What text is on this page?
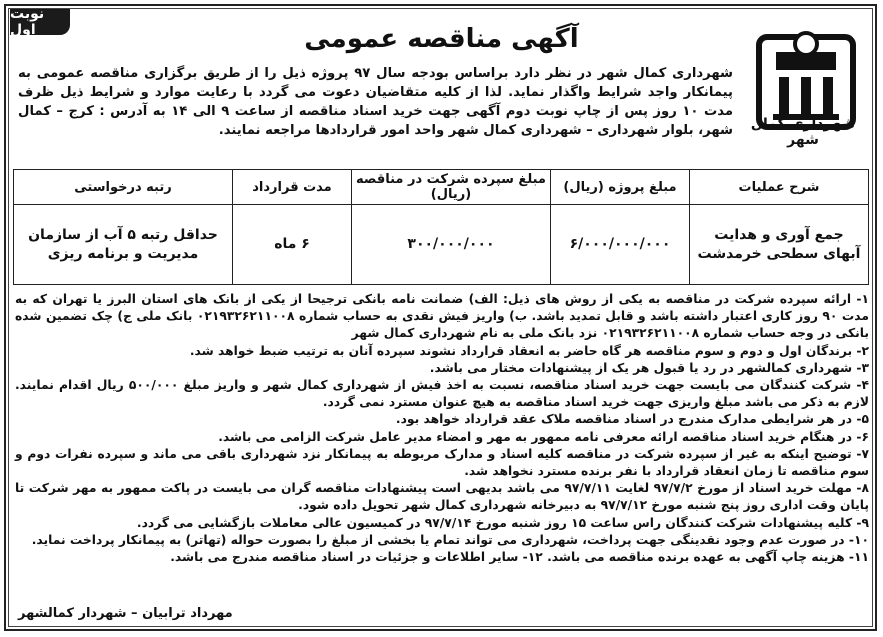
نوبت اول	آگهی مناقصه عمومی
شهرداری کمال شهر
شهرداری کمال شهر در نظر دارد براساس بودجه سال ۹۷ پروژه ذیل را از طریق برگزاری مناقصه عمومی به پیمانکار واجد شرایط واگذار نماید. لذا از کلیه متقاضیان دعوت می گردد با رعایت موارد و شرایط ذیل ظرف مدت ۱۰ روز پس از چاپ نوبت دوم آگهی جهت خرید اسناد مناقصه از ساعت ۹ الی ۱۴ به آدرس : کرج – کمال شهر، بلوار شهرداری – شهرداری کمال شهر واحد امور قراردادها مراجعه نمایند.
شرح عملیات	مبلغ پروژه (ریال)	مبلغ سپرده شرکت در مناقصه (ریال)	مدت قرارداد	رتبه درخواستی
جمع آوری و هدایت آبهای سطحی خرمدشت	۶/۰۰۰/۰۰۰/۰۰۰	۳۰۰/۰۰۰/۰۰۰	۶ ماه	حداقل رتبه ۵ آب از سازمان مدیریت و برنامه ریزی

۱- ارائه سپرده شرکت در مناقصه به یکی از روش های ذیل: الف) ضمانت نامه بانکی ترجیحا از یکی از بانک های استان البرز یا تهران که به مدت ۹۰ روز کاری اعتبار داشته باشد و قابل تمدید باشد. ب) واریز فیش نقدی به حساب شماره ۰۲۱۹۳۲۶۲۱۱۰۰۸ بانک ملی ج) چک تضمین شده بانکی در وجه حساب شماره ۰۲۱۹۳۲۶۲۱۱۰۰۸ نزد بانک ملی به نام شهرداری کمال شهر

۲- برندگان اول و دوم و سوم مناقصه هر گاه حاضر به انعقاد قرارداد نشوند سپرده آنان به ترتیب ضبط خواهد شد.

۳- شهرداری کمالشهر در رد یا قبول هر یک از پیشنهادات مختار می باشد.

۴- شرکت کنندگان می بایست جهت خرید اسناد مناقصه، نسبت به اخذ فیش از شهرداری کمال شهر و واریز مبلغ ۵۰۰/۰۰۰ ریال اقدام نمایند. لازم به ذکر می باشد مبلغ واریزی جهت خرید اسناد مناقصه به هیچ عنوان مسترد نمی گردد.

۵- در هر شرایطی مدارک مندرج در اسناد مناقصه ملاک عقد قرارداد خواهد بود.

۶- در هنگام خرید اسناد مناقصه ارائه معرفی نامه ممهور به مهر و امضاء مدیر عامل شرکت الزامی می باشد.

۷- توضیح اینکه به غیر از سپرده شرکت در مناقصه کلیه اسناد و مدارک مربوطه به پیمانکار نزد شهرداری باقی می ماند و سپرده نفرات دوم و سوم مناقصه تا زمان انعقاد قرارداد با نفر برنده مسترد نخواهد شد.

۸- مهلت خرید اسناد از مورخ ۹۷/۷/۲ لغایت ۹۷/۷/۱۱ می باشد بدیهی است پیشنهادات مناقصه گران می بایست در پاکت ممهور به مهر شرکت تا پایان وقت اداری روز پنج شنبه مورخ ۹۷/۷/۱۲ به دبیرخانه شهرداری کمال شهر تحویل داده شود.

۹- کلیه پیشنهادات شرکت کنندگان راس ساعت ۱۵ روز شنبه مورخ ۹۷/۷/۱۴ در کمیسیون عالی معاملات بازگشایی می گردد.

۱۰- در صورت عدم وجود نقدینگی جهت پرداخت، شهرداری می تواند تمام یا بخشی از مبلغ را بصورت حواله (تهاتر) به پیمانکار پرداخت نماید.

۱۱- هزینه چاپ آگهی به عهده برنده مناقصه می باشد. ۱۲- سایر اطلاعات و جزئیات در اسناد مناقصه مندرج می باشد.

مهرداد ترابیان – شهردار کمالشهر
